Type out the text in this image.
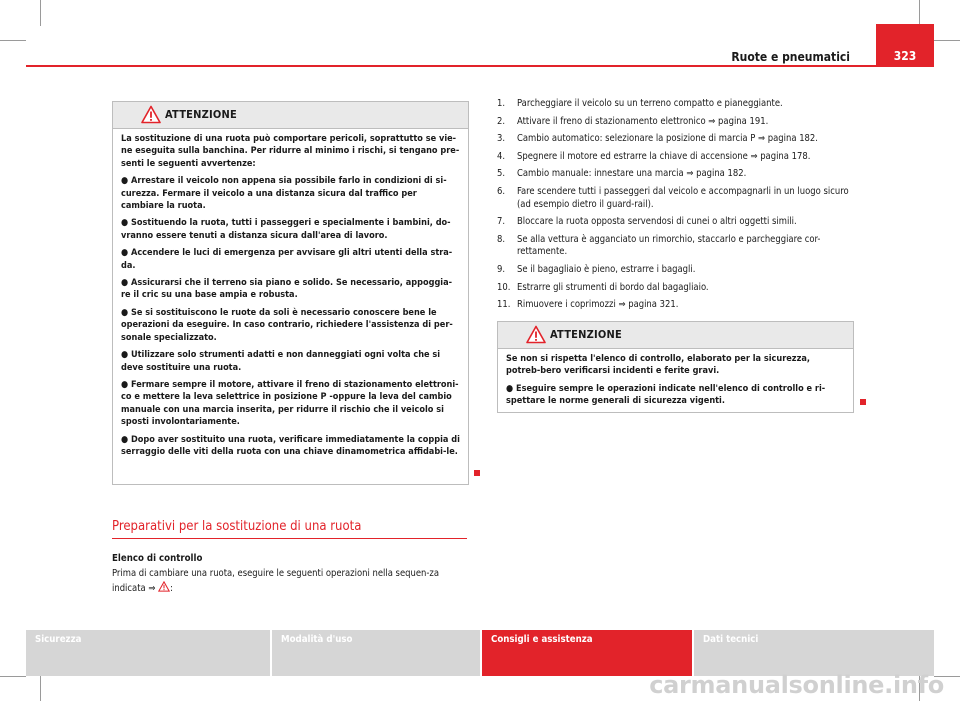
Ruote e pneumatici	323
ATTENZIONE

La sostituzione di una ruota può comportare pericoli, soprattutto se vie-ne eseguita sulla banchina. Per ridurre al minimo i rischi, si tengano pre-senti le seguenti avvertenze:

● Arrestare il veicolo non appena sia possibile farlo in condizioni di si-curezza. Fermare il veicolo a una distanza sicura dal traffico per cambiare la ruota.

● Sostituendo la ruota, tutti i passeggeri e specialmente i bambini, do-vranno essere tenuti a distanza sicura dall'area di lavoro.

● Accendere le luci di emergenza per avvisare gli altri utenti della stra-da.

● Assicurarsi che il terreno sia piano e solido. Se necessario, appoggia-re il cric su una base ampia e robusta.

● Se si sostituiscono le ruote da soli è necessario conoscere bene le operazioni da eseguire. In caso contrario, richiedere l'assistenza di per-sonale specializzato.

● Utilizzare solo strumenti adatti e non danneggiati ogni volta che si deve sostituire una ruota.

● Fermare sempre il motore, attivare il freno di stazionamento elettroni-co e mettere la leva selettrice in posizione P -oppure la leva del cambio manuale con una marcia inserita, per ridurre il rischio che il veicolo si sposti involontariamente.

● Dopo aver sostituito una ruota, verificare immediatamente la coppia di serraggio delle viti della ruota con una chiave dinamometrica affidabi-le.

Preparativi per la sostituzione di una ruota
Elenco di controllo
Prima di cambiare una ruota, eseguire le seguenti operazioni nella sequen-za indicata ⇒ :
1. Parcheggiare il veicolo su un terreno compatto e pianeggiante.
2. Attivare il freno di stazionamento elettronico ⇒ pagina 191.
3. Cambio automatico: selezionare la posizione di marcia P ⇒ pagina 182.
4. Spegnere il motore ed estrarre la chiave di accensione ⇒ pagina 178.
5. Cambio manuale: innestare una marcia ⇒ pagina 182.
6. Fare scendere tutti i passeggeri dal veicolo e accompagnarli in un luogo sicuro (ad esempio dietro il guard-rail).
7. Bloccare la ruota opposta servendosi di cunei o altri oggetti simili.
8. Se alla vettura è agganciato un rimorchio, staccarlo e parcheggiare cor-rettamente.
9. Se il bagagliaio è pieno, estrarre i bagagli.
10. Estrarre gli strumenti di bordo dal bagagliaio.
11. Rimuovere i coprimozzi ⇒ pagina 321.
ATTENZIONE

Se non si rispetta l'elenco di controllo, elaborato per la sicurezza, potreb-bero verificarsi incidenti e ferite gravi.

● Eseguire sempre le operazioni indicate nell'elenco di controllo e ri-spettare le norme generali di sicurezza vigenti.

Sicurezza	Modalità d'uso	Consigli e assistenza	Dati tecnici
carmanualsonline.info
